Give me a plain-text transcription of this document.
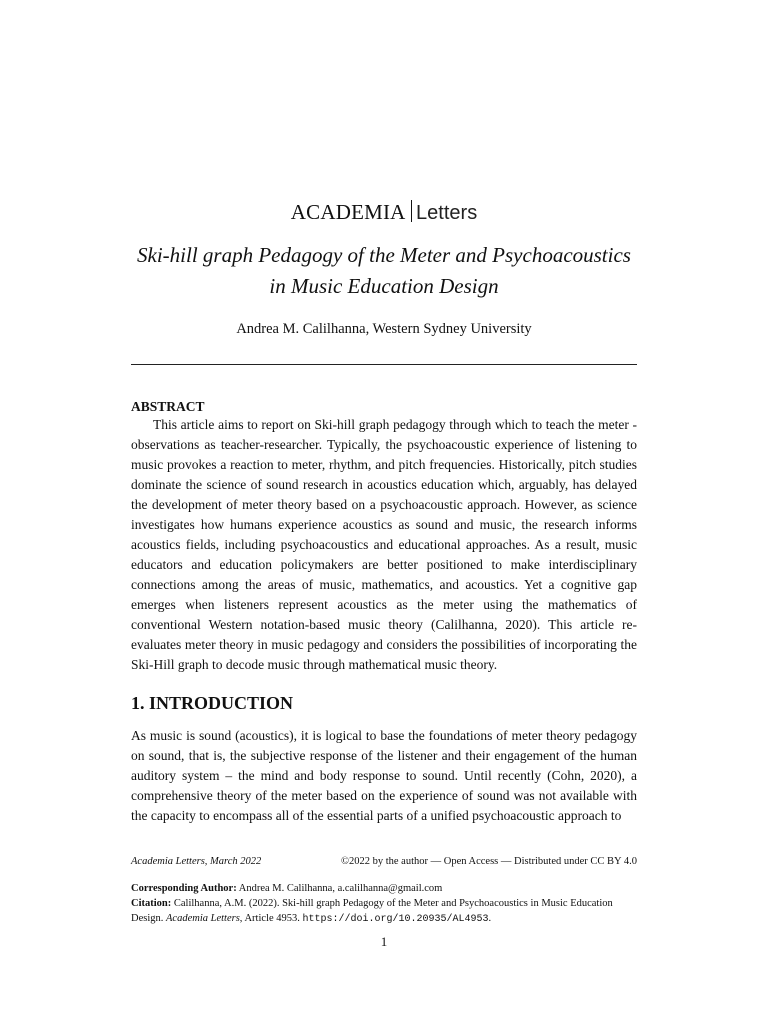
ACADEMIA Letters
Ski-hill graph Pedagogy of the Meter and Psychoacoustics
in Music Education Design
Andrea M. Calilhanna, Western Sydney University
ABSTRACT

This article aims to report on Ski-hill graph pedagogy through which to teach the meter - observations as teacher-researcher. Typically, the psychoacoustic experience of listening to music provokes a reaction to meter, rhythm, and pitch frequencies. Historically, pitch studies dominate the science of sound research in acoustics education which, arguably, has delayed the development of meter theory based on a psychoacoustic approach. However, as science investigates how humans experience acoustics as sound and music, the research informs acoustics fields, including psychoacoustics and educational approaches. As a result, music educators and education policymakers are better positioned to make interdisciplinary connections among the areas of music, mathematics, and acoustics. Yet a cognitive gap emerges when listeners represent acoustics as the meter using the mathematics of conventional Western notation-based music theory (Calilhanna, 2020). This article re-evaluates meter theory in music pedagogy and considers the possibilities of incorporating the Ski-Hill graph to decode music through mathematical music theory.

1. INTRODUCTION

As music is sound (acoustics), it is logical to base the foundations of meter theory pedagogy on sound, that is, the subjective response of the listener and their engagement of the human auditory system – the mind and body response to sound. Until recently (Cohn, 2020), a comprehensive theory of the meter based on the experience of sound was not available with the capacity to encompass all of the essential parts of a unified psychoacoustic approach to

Academia Letters, March 2022	©2022 by the author — Open Access — Distributed under CC BY 4.0
Corresponding Author: Andrea M. Calilhanna, a.calilhanna@gmail.com
Citation: Calilhanna, A.M. (2022). Ski-hill graph Pedagogy of the Meter and Psychoacoustics in Music Education Design. Academia Letters, Article 4953. https://doi.org/10.20935/AL4953.
1
